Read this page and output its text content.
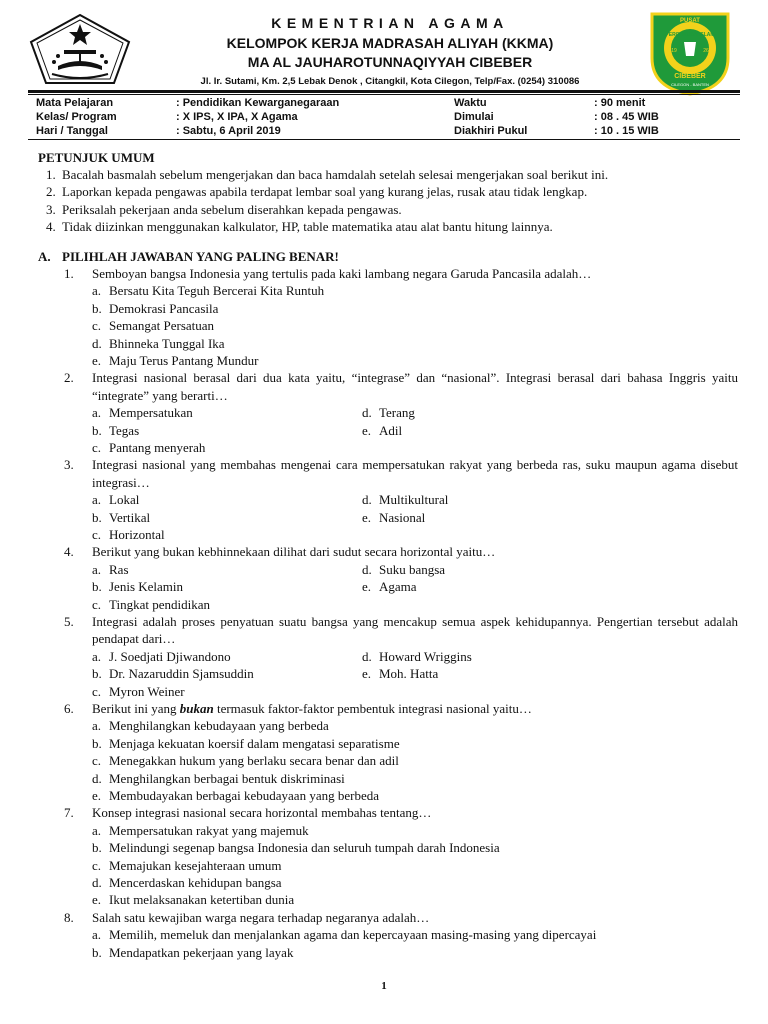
KEMENTRIAN AGAMA
KELOMPOK KERJA MADRASAH ALIYAH (KKMA)
MA AL JAUHAROTUNNAQIYYAH CIBEBER
Jl. Ir. Sutami, Km. 2,5 Lebak Denok , Citangkil, Kota Cilegon, Telp/Fax. (0254) 310086
PUSAT
PERGURUAN ISLAM
19	26
CIBEBER
CILEGON - BANTEN
Mata Pelajaran	: Pendidikan Kewarganegaraan	Waktu	: 90 menit
Kelas/ Program	: X IPS, X IPA, X Agama	Dimulai	: 08 . 45 WIB
Hari / Tanggal	: Sabtu, 6 April 2019	Diakhiri Pukul	: 10 . 15 WIB
PETUNJUK UMUM
1. Bacalah basmalah sebelum mengerjakan dan baca hamdalah setelah selesai mengerjakan soal berikut ini.
2. Laporkan kepada pengawas apabila terdapat lembar soal yang kurang jelas, rusak atau tidak lengkap.
3. Periksalah pekerjaan anda sebelum diserahkan kepada pengawas.
4. Tidak diizinkan menggunakan kalkulator, HP, table matematika atau alat bantu hitung lainnya.
A. PILIHLAH JAWABAN YANG PALING BENAR!
1. Semboyan bangsa Indonesia yang tertulis pada kaki lambang negara Garuda Pancasila adalah…
a. Bersatu Kita Teguh Bercerai Kita Runtuh
b. Demokrasi Pancasila
c. Semangat Persatuan
d. Bhinneka Tunggal Ika
e. Maju Terus Pantang Mundur
2. Integrasi nasional berasal dari dua kata yaitu, “integrase” dan “nasional”. Integrasi berasal dari bahasa Inggris yaitu “integrate” yang berarti…
a. Mempersatukan	d. Terang
b. Tegas	e. Adil
c. Pantang menyerah
3. Integrasi nasional yang membahas mengenai cara mempersatukan rakyat yang berbeda ras, suku maupun agama disebut integrasi…
a. Lokal	d. Multikultural
b. Vertikal	e. Nasional
c. Horizontal
4. Berikut yang bukan kebhinnekaan dilihat dari sudut secara horizontal yaitu…
a. Ras	d. Suku bangsa
b. Jenis Kelamin	e. Agama
c. Tingkat pendidikan
5. Integrasi adalah proses penyatuan suatu bangsa yang mencakup semua aspek kehidupannya. Pengertian tersebut adalah pendapat dari…
a. J. Soedjati Djiwandono	d. Howard Wriggins
b. Dr. Nazaruddin Sjamsuddin	e. Moh. Hatta
c. Myron Weiner
6. Berikut ini yang bukan termasuk faktor-faktor pembentuk integrasi nasional yaitu…
a. Menghilangkan kebudayaan yang berbeda
b. Menjaga kekuatan koersif dalam mengatasi separatisme
c. Menegakkan hukum yang berlaku secara benar dan adil
d. Menghilangkan berbagai bentuk diskriminasi
e. Membudayakan berbagai kebudayaan yang berbeda
7. Konsep integrasi nasional secara horizontal membahas tentang…
a. Mempersatukan rakyat yang majemuk
b. Melindungi segenap bangsa Indonesia dan seluruh tumpah darah Indonesia
c. Memajukan kesejahteraan umum
d. Mencerdaskan kehidupan bangsa
e. Ikut melaksanakan ketertiban dunia
8. Salah satu kewajiban warga negara terhadap negaranya adalah…
a. Memilih, memeluk dan menjalankan agama dan kepercayaan masing-masing yang dipercayai
b. Mendapatkan pekerjaan yang layak
1
